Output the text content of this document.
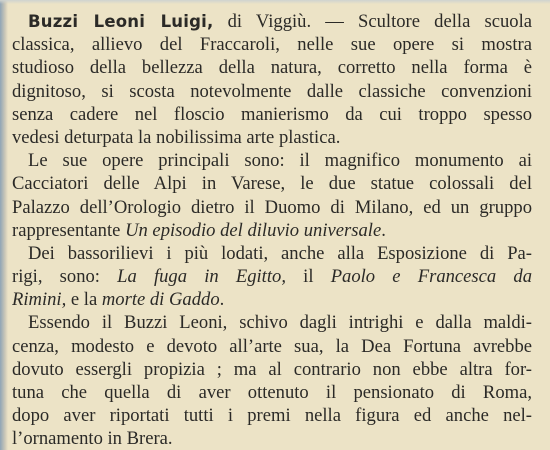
Buzzi Leoni Luigi, di Viggiù. — Scultore della scuola
classica, allievo del Fraccaroli, nelle sue opere si mostra
studioso della bellezza della natura, corretto nella forma è
dignitoso, si scosta notevolmente dalle classiche convenzioni
senza cadere nel floscio manierismo da cui troppo spesso
vedesi deturpata la nobilissima arte plastica.
Le sue opere principali sono: il magnifico monumento ai
Cacciatori delle Alpi in Varese, le due statue colossali del
Palazzo dell’Orologio dietro il Duomo di Milano, ed un gruppo
rappresentante Un episodio del diluvio universale.
Dei bassorilievi i più lodati, anche alla Esposizione di Pa-
rigi, sono: La fuga in Egitto, il Paolo e Francesca da
Rimini, e la morte di Gaddo.
Essendo il Buzzi Leoni, schivo dagli intrighi e dalla maldi-
cenza, modesto e devoto all’arte sua, la Dea Fortuna avrebbe
dovuto essergli propizia ; ma al contrario non ebbe altra for-
tuna che quella di aver ottenuto il pensionato di Roma,
dopo aver riportati tutti i premi nella figura ed anche nel-
l’ornamento in Brera.
